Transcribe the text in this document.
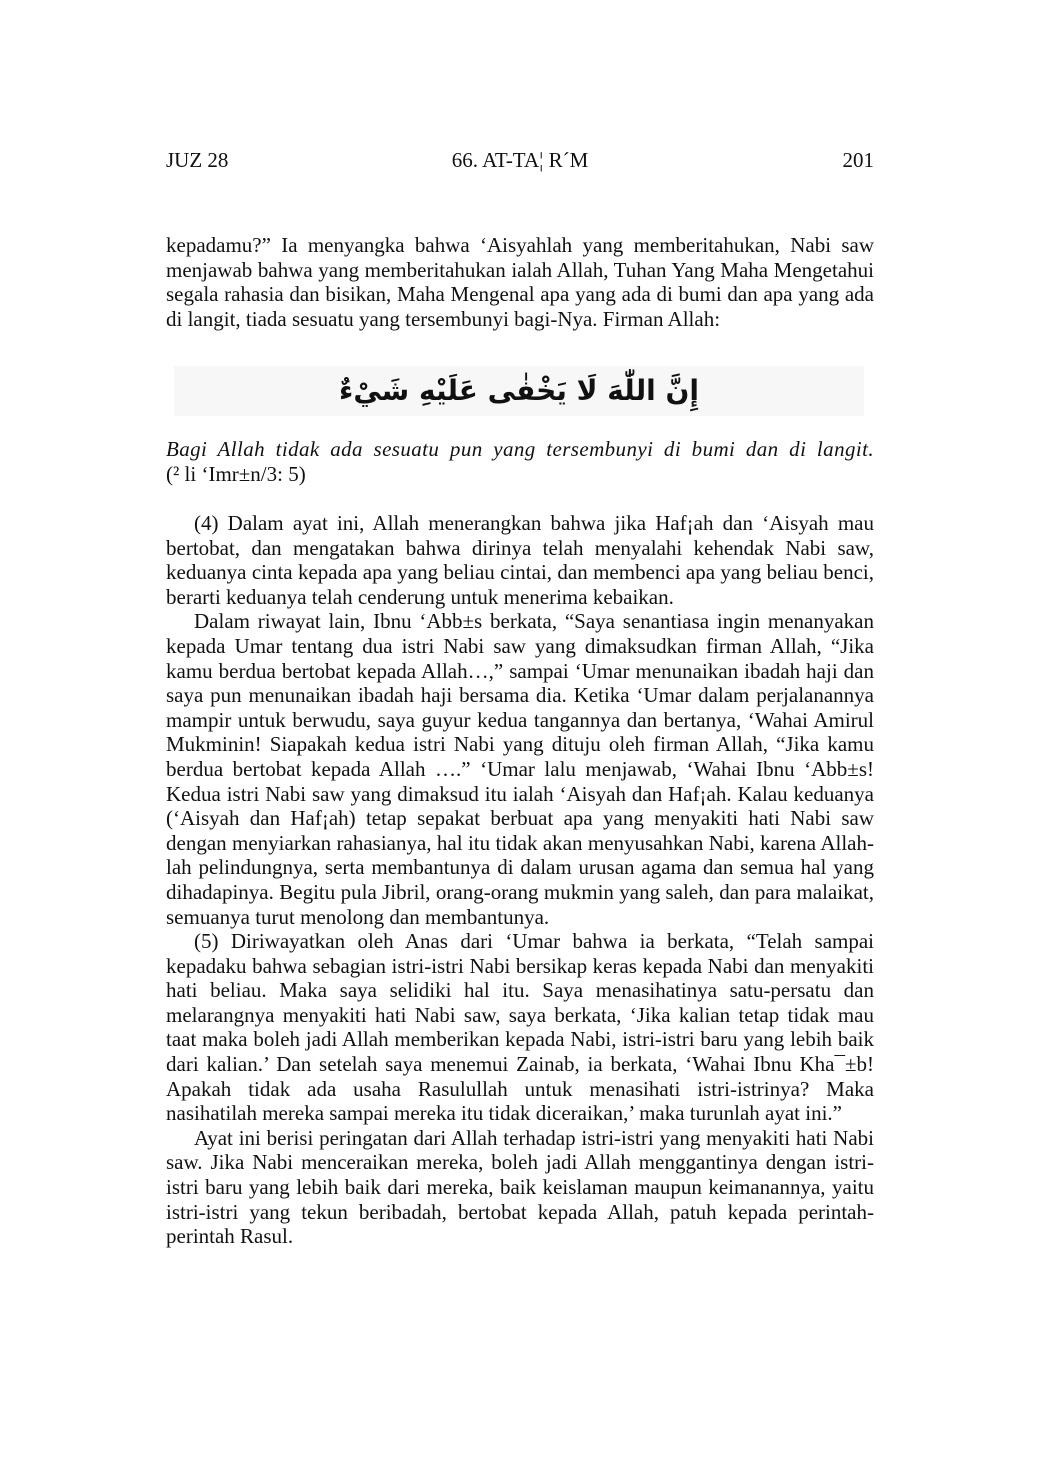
JUZ 28	66. AT-TA¦ R´M	201

kepadamu?” Ia menyangka bahwa ‘Aisyahlah yang memberitahukan, Nabi saw menjawab bahwa yang memberitahukan ialah Allah, Tuhan Yang Maha Mengetahui segala rahasia dan bisikan, Maha Mengenal apa yang ada di bumi dan apa yang ada di langit, tiada sesuatu yang tersembunyi bagi-Nya. Firman Allah:

إِنَّ اللّٰهَ لَا يَخْفٰى عَلَيْهِ شَيْءٌ
Bagi Allah tidak ada sesuatu pun yang tersembunyi di bumi dan di langit.
(² li ‘Imr±n/3: 5)

(4) Dalam ayat ini, Allah menerangkan bahwa jika Haf¡ah dan ‘Aisyah mau bertobat, dan mengatakan bahwa dirinya telah menyalahi kehendak Nabi saw, keduanya cinta kepada apa yang beliau cintai, dan membenci apa yang beliau benci, berarti keduanya telah cenderung untuk menerima kebaikan.

Dalam riwayat lain, Ibnu ‘Abb±s berkata, “Saya senantiasa ingin menanyakan kepada Umar tentang dua istri Nabi saw yang dimaksudkan firman Allah, “Jika kamu berdua bertobat kepada Allah…,” sampai ‘Umar menunaikan ibadah haji dan saya pun menunaikan ibadah haji bersama dia. Ketika ‘Umar dalam perjalanannya mampir untuk berwudu, saya guyur kedua tangannya dan bertanya, ‘Wahai Amirul Mukminin! Siapakah kedua istri Nabi yang dituju oleh firman Allah, “Jika kamu berdua bertobat kepada Allah ….” ‘Umar lalu menjawab, ‘Wahai Ibnu ‘Abb±s! Kedua istri Nabi saw yang dimaksud itu ialah ‘Aisyah dan Haf¡ah. Kalau keduanya (‘Aisyah dan Haf¡ah) tetap sepakat berbuat apa yang menyakiti hati Nabi saw dengan menyiarkan rahasianya, hal itu tidak akan menyusahkan Nabi, karena Allah-lah pelindungnya, serta membantunya di dalam urusan agama dan semua hal yang dihadapinya. Begitu pula Jibril, orang-orang mukmin yang saleh, dan para malaikat, semuanya turut menolong dan membantunya.

(5) Diriwayatkan oleh Anas dari ‘Umar bahwa ia berkata, “Telah sampai kepadaku bahwa sebagian istri-istri Nabi bersikap keras kepada Nabi dan menyakiti hati beliau. Maka saya selidiki hal itu. Saya menasihatinya satu-persatu dan melarangnya menyakiti hati Nabi saw, saya berkata, ‘Jika kalian tetap tidak mau taat maka boleh jadi Allah memberikan kepada Nabi, istri-istri baru yang lebih baik dari kalian.’ Dan setelah saya menemui Zainab, ia berkata, ‘Wahai Ibnu Kha¯±b! Apakah tidak ada usaha Rasulullah untuk menasihati istri-istrinya? Maka nasihatilah mereka sampai mereka itu tidak diceraikan,’ maka turunlah ayat ini.”

Ayat ini berisi peringatan dari Allah terhadap istri-istri yang menyakiti hati Nabi saw. Jika Nabi menceraikan mereka, boleh jadi Allah menggantinya dengan istri-istri baru yang lebih baik dari mereka, baik keislaman maupun keimanannya, yaitu istri-istri yang tekun beribadah, bertobat kepada Allah, patuh kepada perintah-perintah Rasul.
